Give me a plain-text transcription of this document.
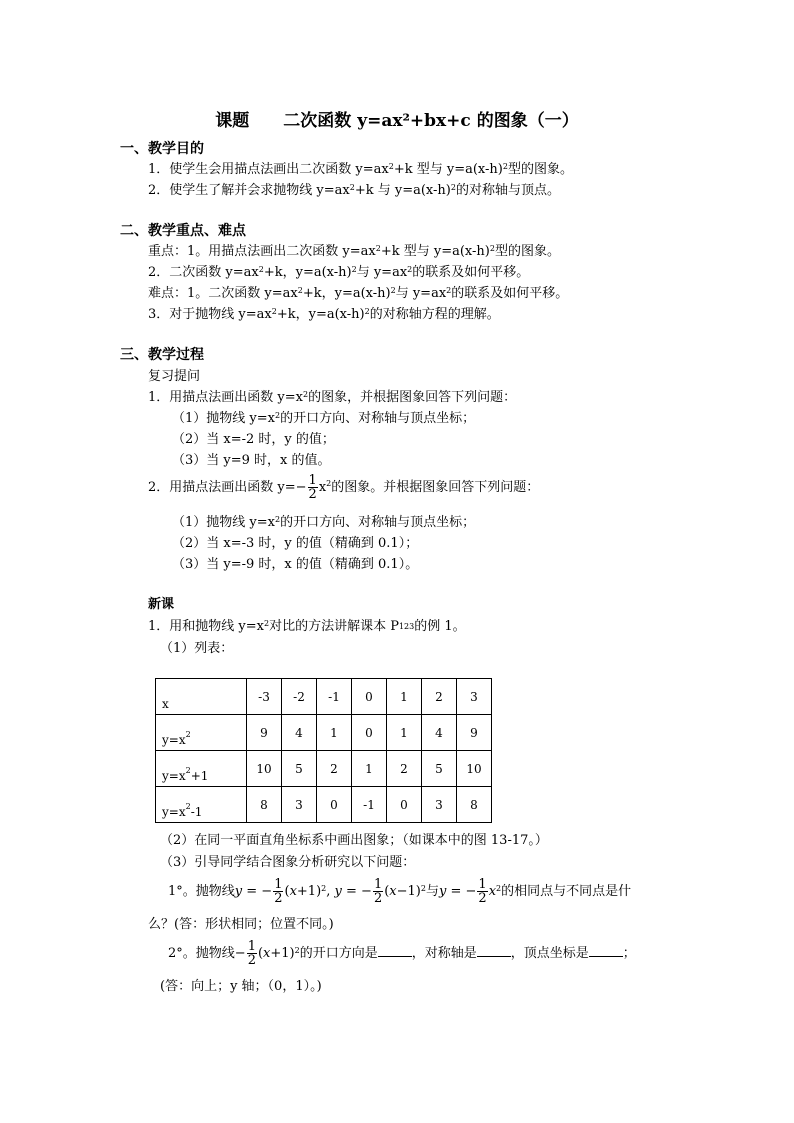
课题 二次函数 y=ax²+bx+c 的图象（一）
一、教学目的
1．使学生会用描点法画出二次函数 $y=ax^2+k$ 型与 $y=a(x-h)^2$型的图象。
2．使学生了解并会求抛物线 $y=ax^2+k$ 与 $y=a(x-h)^2$的对称轴与顶点。
二、教学重点、难点
重点：1。用描点法画出二次函数 $y=ax^2+k$ 型与 $y=a(x-h)^2$型的图象。
2．二次函数 $y=ax^2+k$，$y=a(x-h)^2$与 $y=ax^2$的联系及如何平移。
难点：1。二次函数 $y=ax^2+k$，$y=a(x-h)^2$与 $y=ax^2$的联系及如何平移。
3．对于抛物线 $y=ax^2+k$，$y=a(x-h)^2$的对称轴方程的理解。
三、教学过程
复习提问
1．用描点法画出函数 $y=x^2$的图象，并根据图象回答下列问题：
（1）抛物线 $y=x^2$的开口方向、对称轴与顶点坐标；
（2）当 x=-2 时，y 的值；
（3）当 y=9 时，x 的值。
2．用描点法画出函数 $y=- \frac{1}{2} x^2$的图象。并根据图象回答下列问题：
（1）抛物线 $y=x^2$的开口方向、对称轴与顶点坐标；
（2）当 x=-3 时，y 的值（精确到 0.1）；
（3）当 y=-9 时，x 的值（精确到 0.1）。
新课
1．用和抛物线 $y=x^2$对比的方法讲解课本 P123的例 1。
（1）列表：
x	-3	-2	-1	0	1	2	3
$y=x^2$	9	4	1	0	1	4	9
$y=x^2+1$	10	5	2	1	2	5	10
$y=x^2-1$	8	3	0	-1	0	3	8
（2）在同一平面直角坐标系中画出图象；（如课本中的图 13-17。）
（3）引导同学结合图象分析研究以下问题：
1°。抛物线y = − $\frac{1}{2} (x+1)^2$, y = − $\frac{1}{2} (x-1)^2$与y = − $\frac{1}{2} x^2$的相同点与不同点是什
么？(答：形状相同；位置不同。)
2°。抛物线− $\frac{1}{2} (x+1)^2$的开口方向是	，对称轴是	，顶点坐标是	；
(答：向上；y 轴；（0，1）。)
